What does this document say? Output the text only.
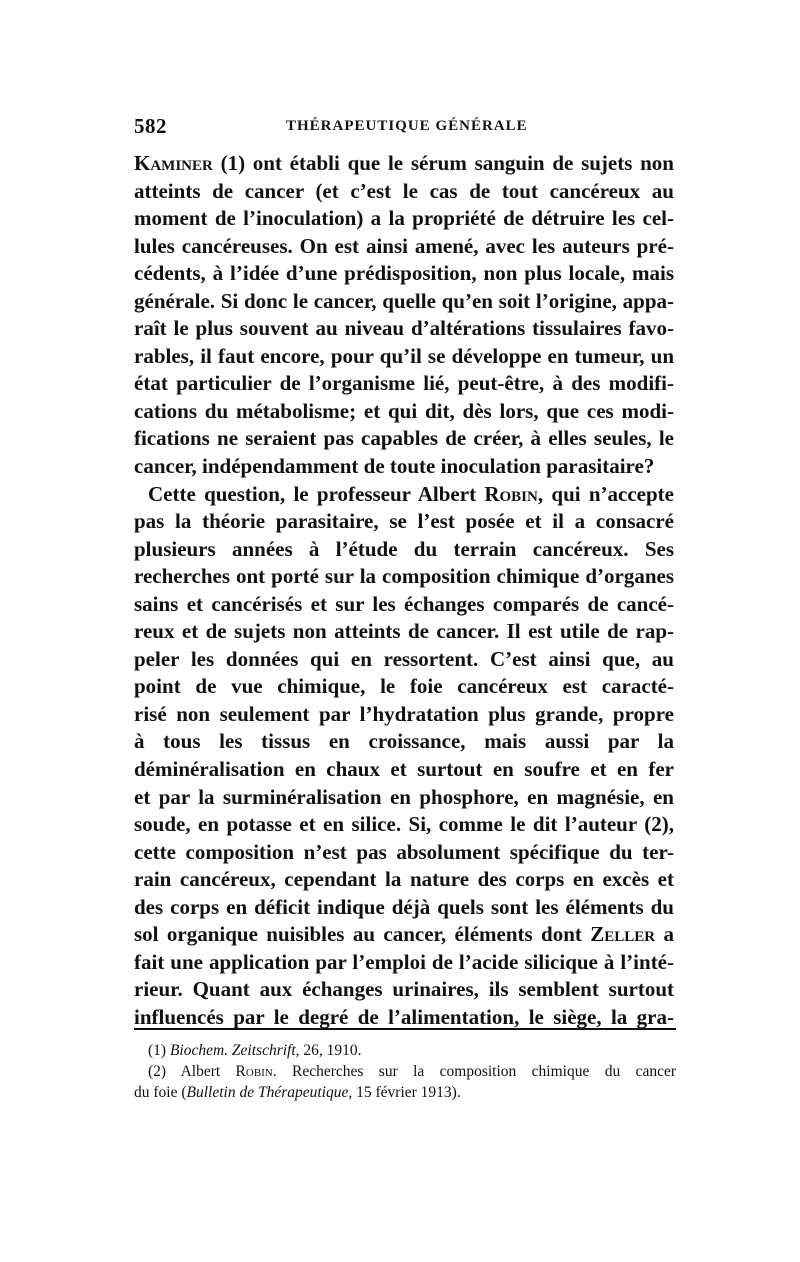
582	THÉRAPEUTIQUE GÉNÉRALE
Kaminer (1) ont établi que le sérum sanguin de sujets non
atteints de cancer (et c’est le cas de tout cancéreux au
moment de l’inoculation) a la propriété de détruire les cel-
lules cancéreuses. On est ainsi amené, avec les auteurs pré-
cédents, à l’idée d’une prédisposition, non plus locale, mais
générale. Si donc le cancer, quelle qu’en soit l’origine, appa-
raît le plus souvent au niveau d’altérations tissulaires favo-
rables, il faut encore, pour qu’il se développe en tumeur, un
état particulier de l’organisme lié, peut-être, à des modifi-
cations du métabolisme; et qui dit, dès lors, que ces modi-
fications ne seraient pas capables de créer, à elles seules, le
cancer, indépendamment de toute inoculation parasitaire?
Cette question, le professeur Albert Robin, qui n’accepte
pas la théorie parasitaire, se l’est posée et il a consacré
plusieurs années à l’étude du terrain cancéreux. Ses
recherches ont porté sur la composition chimique d’organes
sains et cancérisés et sur les échanges comparés de cancé-
reux et de sujets non atteints de cancer. Il est utile de rap-
peler les données qui en ressortent. C’est ainsi que, au
point de vue chimique, le foie cancéreux est caracté-
risé non seulement par l’hydratation plus grande, propre
à tous les tissus en croissance, mais aussi par la
déminéralisation en chaux et surtout en soufre et en fer
et par la surminéralisation en phosphore, en magnésie, en
soude, en potasse et en silice. Si, comme le dit l’auteur (2),
cette composition n’est pas absolument spécifique du ter-
rain cancéreux, cependant la nature des corps en excès et
des corps en déficit indique déjà quels sont les éléments du
sol organique nuisibles au cancer, éléments dont Zeller a
fait une application par l’emploi de l’acide silicique à l’inté-
rieur. Quant aux échanges urinaires, ils semblent surtout
influencés par le degré de l’alimentation, le siège, la gra-
(1) Biochem. Zeitschrift, 26, 1910.
(2) Albert Robin. Recherches sur la composition chimique du cancer
du foie (Bulletin de Thérapeutique, 15 février 1913).
